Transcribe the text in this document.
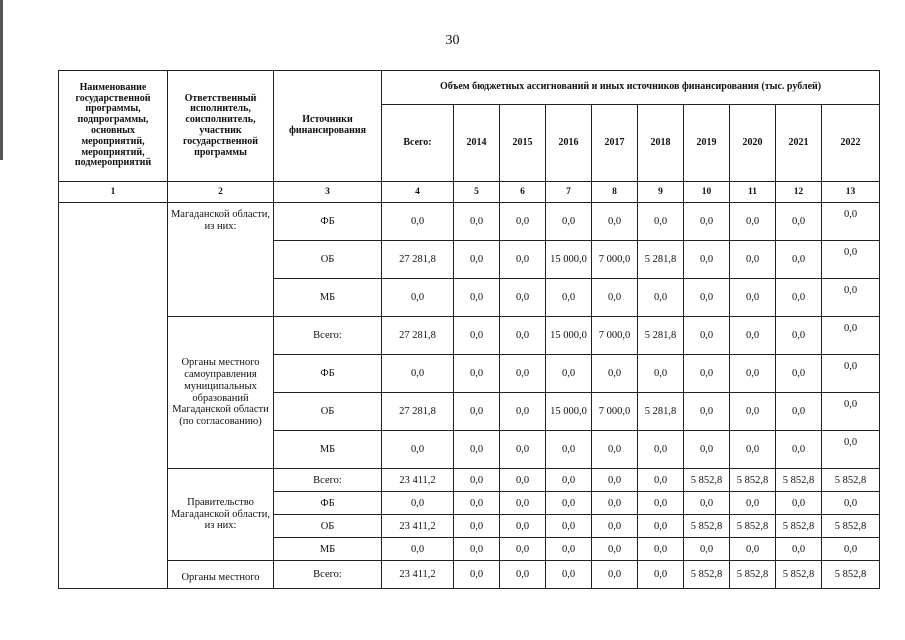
30
Наименование государственной программы, подпрограммы, основных мероприятий, мероприятий, подмероприятий	Ответственный исполнитель, соисполнитель, участник государственной программы	Источники финансирования	Объем бюджетных ассигнований и иных источников финансирования (тыс. рублей)									
			Всего:	2014	2015	2016	2017	2018	2019	2020	2021	2022
1	2	3	4	5	6	7	8	9	10	11	12	13
	Магаданской области, из них:	ФБ	0,0	0,0	0,0	0,0	0,0	0,0	0,0	0,0	0,0	0,0
		ОБ	27 281,8	0,0	0,0	15 000,0	7 000,0	5 281,8	0,0	0,0	0,0	0,0
		МБ	0,0	0,0	0,0	0,0	0,0	0,0	0,0	0,0	0,0	0,0
	Органы местного самоуправления муниципальных образований Магаданской области (по согласованию)	Всего:	27 281,8	0,0	0,0	15 000,0	7 000,0	5 281,8	0,0	0,0	0,0	0,0
		ФБ	0,0	0,0	0,0	0,0	0,0	0,0	0,0	0,0	0,0	0,0
		ОБ	27 281,8	0,0	0,0	15 000,0	7 000,0	5 281,8	0,0	0,0	0,0	0,0
		МБ	0,0	0,0	0,0	0,0	0,0	0,0	0,0	0,0	0,0	0,0
	Правительство Магаданской области, из них:	Всего:	23 411,2	0,0	0,0	0,0	0,0	0,0	5 852,8	5 852,8	5 852,8	5 852,8
		ФБ	0,0	0,0	0,0	0,0	0,0	0,0	0,0	0,0	0,0	0,0
		ОБ	23 411,2	0,0	0,0	0,0	0,0	0,0	5 852,8	5 852,8	5 852,8	5 852,8
		МБ	0,0	0,0	0,0	0,0	0,0	0,0	0,0	0,0	0,0	0,0
	Органы местного	Всего:	23 411,2	0,0	0,0	0,0	0,0	0,0	5 852,8	5 852,8	5 852,8	5 852,8
